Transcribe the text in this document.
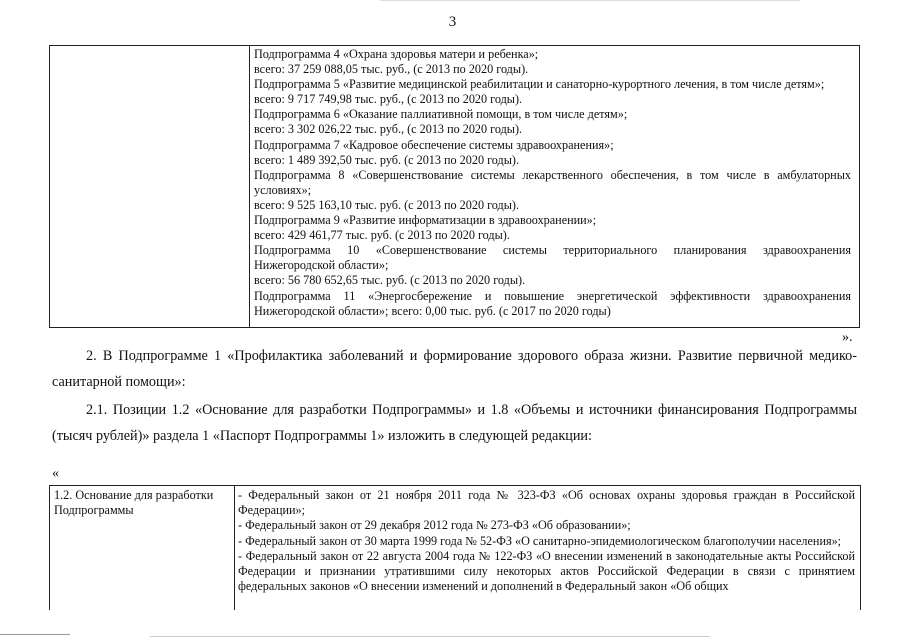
3
Подпрограмма 4 «Охрана здоровья матери и ребенка»;
всего: 37 259 088,05 тыс. руб., (с 2013 по 2020 годы).
Подпрограмма 5 «Развитие медицинской реабилитации и санаторно-курортного лечения, в том числе детям»;
всего: 9 717 749,98 тыс. руб., (с 2013 по 2020 годы).
Подпрограмма 6 «Оказание паллиативной помощи, в том числе детям»;
всего: 3 302 026,22 тыс. руб., (с 2013 по 2020 годы).
Подпрограмма 7 «Кадровое обеспечение системы здравоохранения»;
всего: 1 489 392,50 тыс. руб. (с 2013 по 2020 годы).
Подпрограмма 8 «Совершенствование системы лекарственного обеспечения, в том числе в амбулаторных условиях»;
всего: 9 525 163,10 тыс. руб. (с 2013 по 2020 годы).
Подпрограмма 9 «Развитие информатизации в здравоохранении»;
всего: 429 461,77 тыс. руб. (с 2013 по 2020 годы).
Подпрограмма 10 «Совершенствование системы территориального планирования здравоохранения Нижегородской области»;
всего: 56 780 652,65 тыс. руб. (с 2013 по 2020 годы).
Подпрограмма 11 «Энергосбережение и повышение энергетической эффективности здравоохранения Нижегородской области»; всего: 0,00 тыс. руб. (с 2017 по 2020 годы)
».
2. В Подпрограмме 1 «Профилактика заболеваний и формирование здорового образа жизни. Развитие первичной медико-санитарной помощи»:
2.1. Позиции 1.2 «Основание для разработки Подпрограммы» и 1.8 «Объемы и источники финансирования Подпрограммы (тысяч рублей)» раздела 1 «Паспорт Подпрограммы 1» изложить в следующей редакции:
«
1.2. Основание для разработки Подпрограммы
- Федеральный закон от 21 ноября 2011 года № 323-ФЗ «Об основах охраны здоровья граждан в Российской Федерации»;
- Федеральный закон от 29 декабря 2012 года № 273-ФЗ «Об образовании»;
- Федеральный закон от 30 марта 1999 года № 52-ФЗ «О санитарно-эпидемиологическом благополучии населения»;
- Федеральный закон от 22 августа 2004 года № 122-ФЗ «О внесении изменений в законодательные акты Российской Федерации и признании утратившими силу некоторых актов Российской Федерации в связи с принятием федеральных законов «О внесении изменений и дополнений в Федеральный закон «Об общих
